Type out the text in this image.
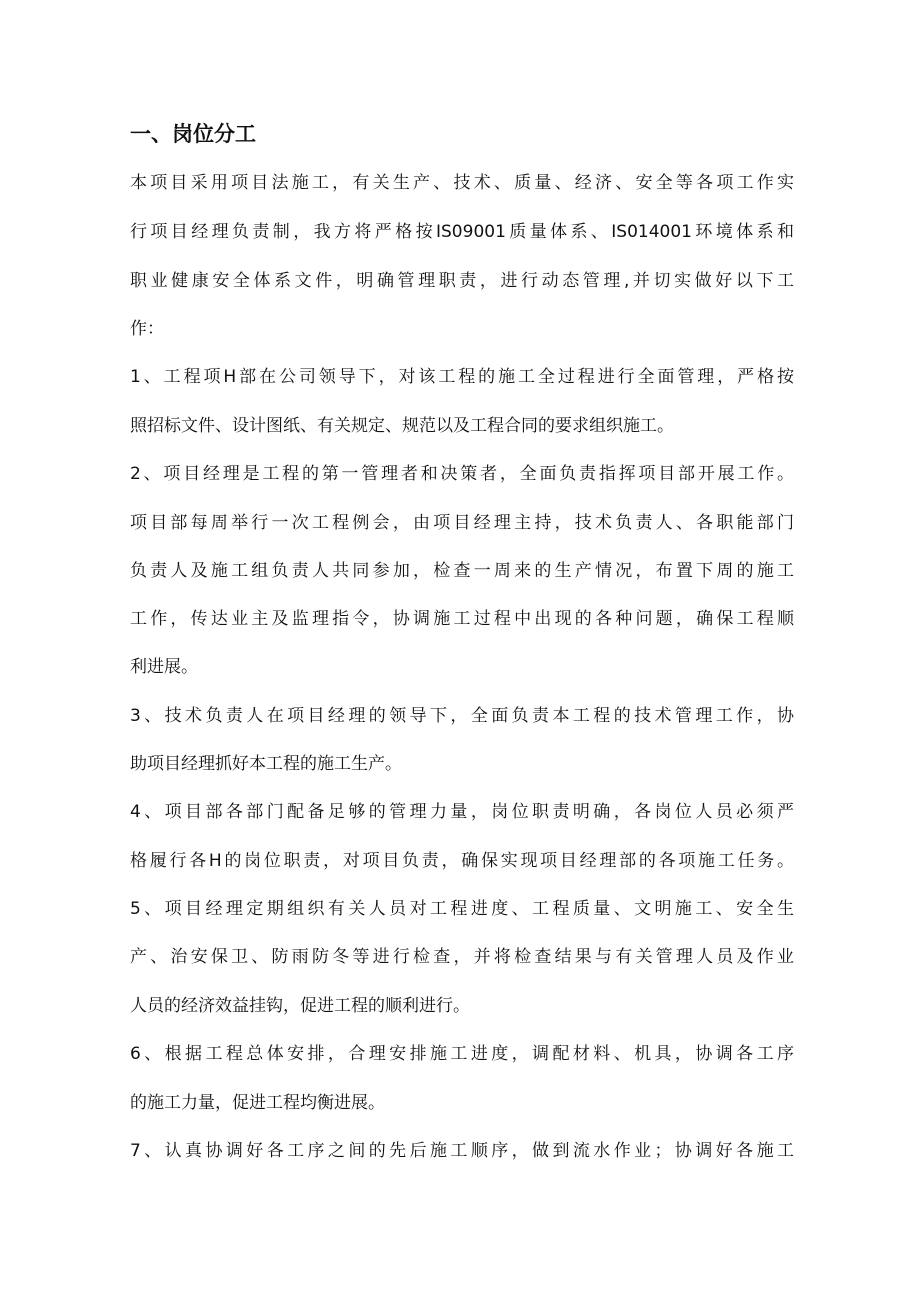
一、岗位分工
本项目采用项目法施工，有关生产、技术、质量、经济、安全等各项工作实
行项目经理负责制，我方将严格按IS09001质量体系、IS014001环境体系和
职业健康安全体系文件，明确管理职责，进行动态管理,并切实做好以下工
作：
1、工程项H部在公司领导下，对该工程的施工全过程进行全面管理，严格按
照招标文件、设计图纸、有关规定、规范以及工程合同的要求组织施工。
2、项目经理是工程的第一管理者和决策者，全面负责指挥项目部开展工作。
项目部每周举行一次工程例会，由项目经理主持，技术负责人、各职能部门
负责人及施工组负责人共同参加，检查一周来的生产情况，布置下周的施工
工作，传达业主及监理指令，协调施工过程中出现的各种问题，确保工程顺
利进展。
3、技术负责人在项目经理的领导下，全面负责本工程的技术管理工作，协
助项目经理抓好本工程的施工生产。
4、项目部各部门配备足够的管理力量，岗位职责明确，各岗位人员必须严
格履行各H的岗位职责，对项目负责，确保实现项目经理部的各项施工任务。
5、项目经理定期组织有关人员对工程进度、工程质量、文明施工、安全生
产、治安保卫、防雨防冬等进行检查，并将检查结果与有关管理人员及作业
人员的经济效益挂钩，促进工程的顺利进行。
6、根据工程总体安排，合理安排施工进度，调配材料、机具，协调各工序
的施工力量，促进工程均衡进展。
7、认真协调好各工序之间的先后施工顺序，做到流水作业；协调好各施工
